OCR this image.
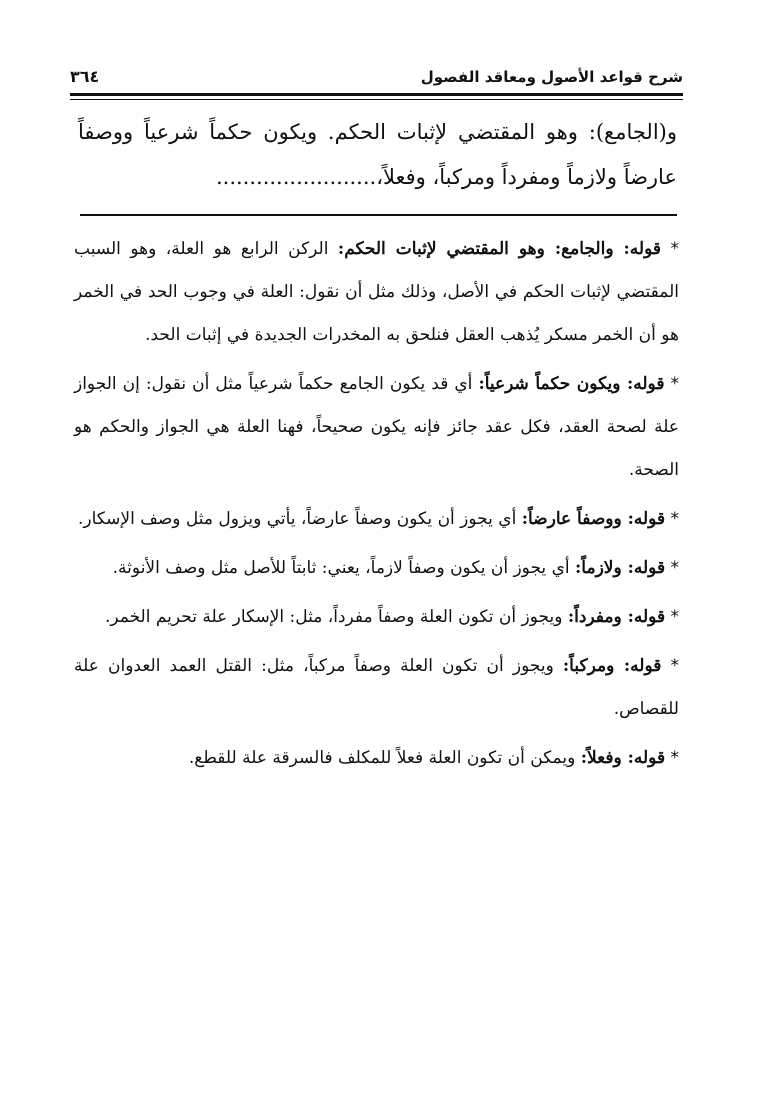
شرح قواعد الأصول ومعاقد الفصول
٣٦٤
و(الجامع): وهو المقتضي لإثبات الحكم. ويكون حكماً شرعياً ووصفاً عارضاً ولازماً ومفرداً ومركباً، وفعلاً،........................

* قوله: والجامع: وهو المقتضي لإثبات الحكم: الركن الرابع هو العلة، وهو السبب المقتضي لإثبات الحكم في الأصل، وذلك مثل أن نقول: العلة في وجوب الحد في الخمر هو أن الخمر مسكر يُذهب العقل فنلحق به المخدرات الجديدة في إثبات الحد.

* قوله: ويكون حكماً شرعياً: أي قد يكون الجامع حكماً شرعياً مثل أن نقول: إن الجواز علة لصحة العقد، فكل عقد جائز فإنه يكون صحيحاً، فهنا العلة هي الجواز والحكم هو الصحة.

* قوله: ووصفاً عارضاً: أي يجوز أن يكون وصفاً عارضاً، يأتي ويزول مثل وصف الإسكار.

* قوله: ولازماً: أي يجوز أن يكون وصفاً لازماً، يعني: ثابتاً للأصل مثل وصف الأنوثة.

* قوله: ومفرداً: ويجوز أن تكون العلة وصفاً مفرداً، مثل: الإسكار علة تحريم الخمر.

* قوله: ومركباً: ويجوز أن تكون العلة وصفاً مركباً، مثل: القتل العمد العدوان علة للقصاص.

* قوله: وفعلاً: ويمكن أن تكون العلة فعلاً للمكلف فالسرقة علة للقطع.
